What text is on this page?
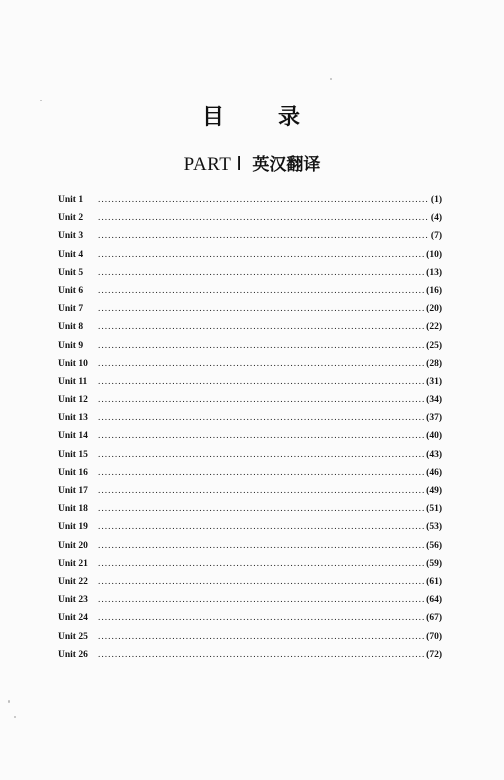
目 录
PART Ⅰ 英汉翻译
Unit 1 .....	(1)
Unit 2 .....	(4)
Unit 3 .....	(7)
Unit 4 .....	(10)
Unit 5 .....	(13)
Unit 6 .....	(16)
Unit 7 .....	(20)
Unit 8 .....	(22)
Unit 9 .....	(25)
Unit 10 .....	(28)
Unit 11 .....	(31)
Unit 12 .....	(34)
Unit 13 .....	(37)
Unit 14 .....	(40)
Unit 15 .....	(43)
Unit 16 .....	(46)
Unit 17 .....	(49)
Unit 18 .....	(51)
Unit 19 .....	(53)
Unit 20 .....	(56)
Unit 21 .....	(59)
Unit 22 .....	(61)
Unit 23 .....	(64)
Unit 24 .....	(67)
Unit 25 .....	(70)
Unit 26 .....	(72)
